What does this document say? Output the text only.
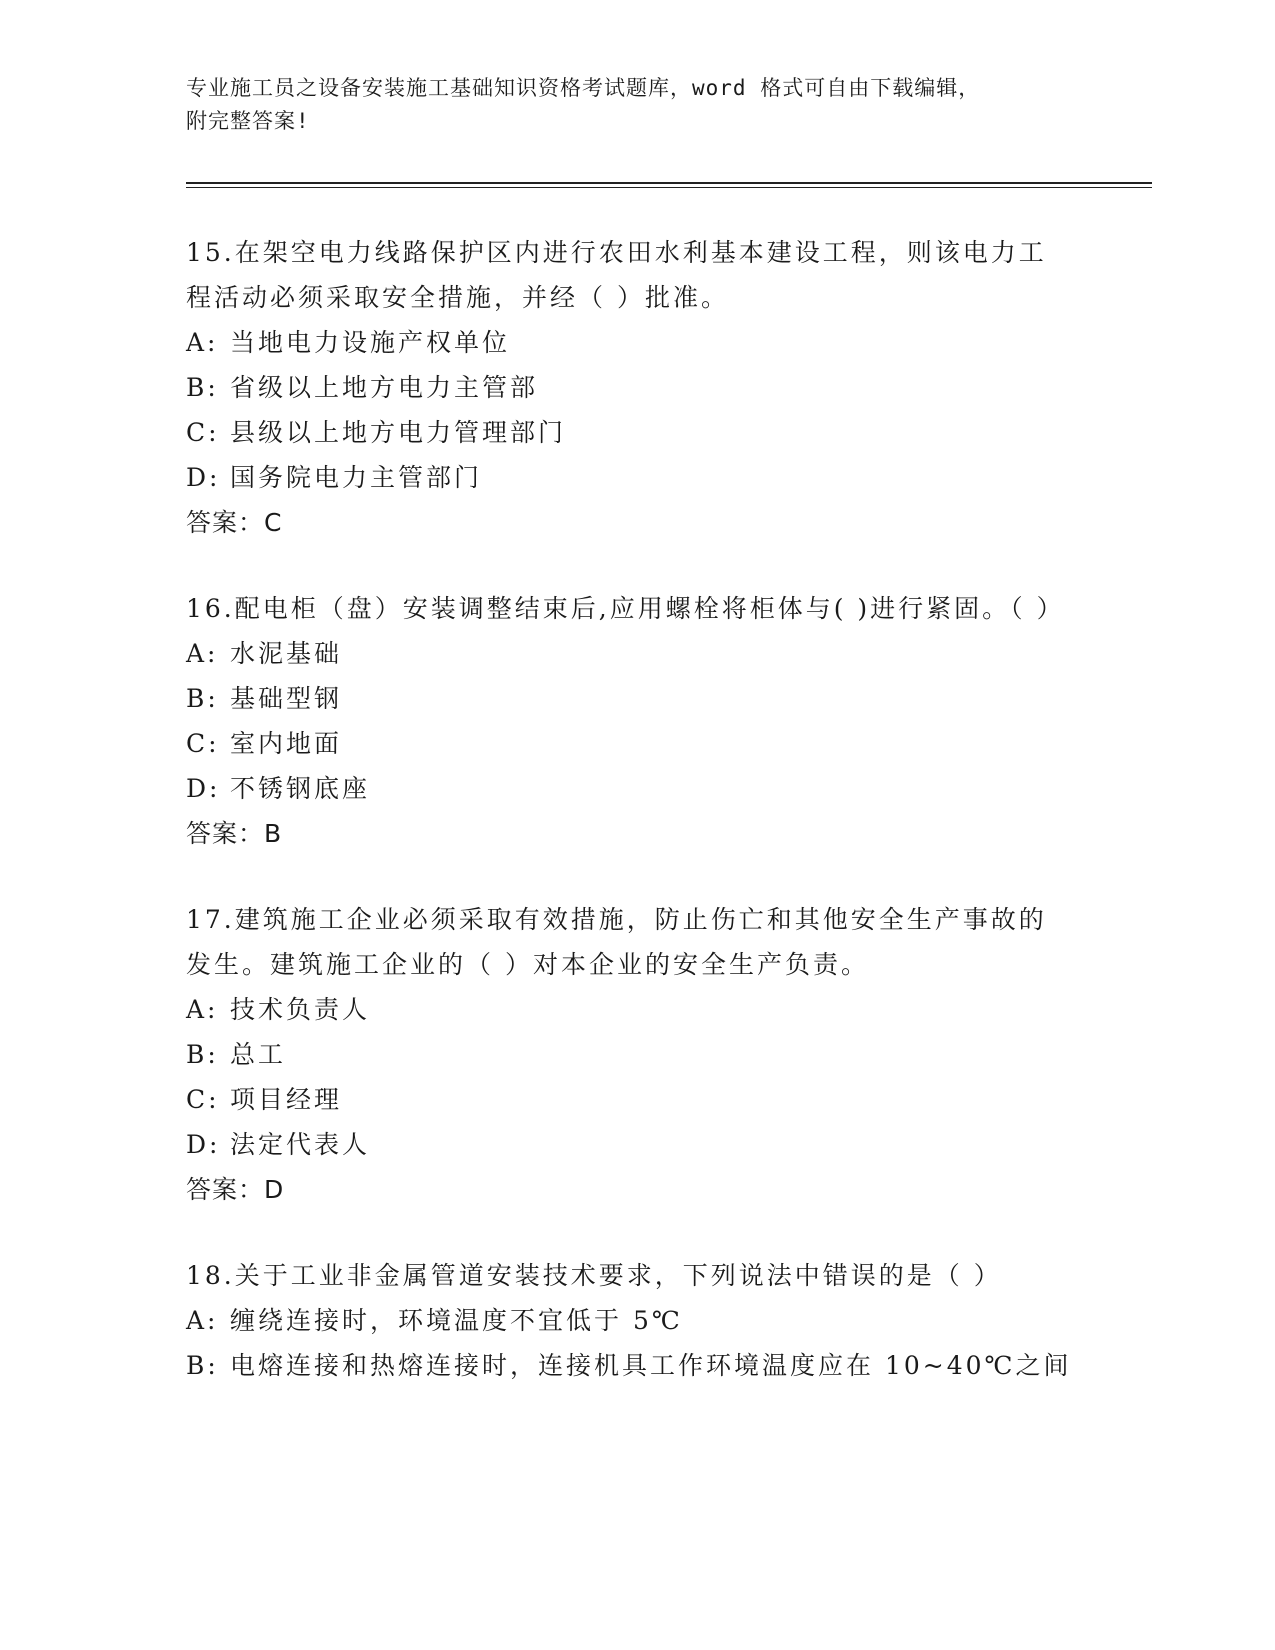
专业施工员之设备安装施工基础知识资格考试题库，word 格式可自由下载编辑，
附完整答案!
15.在架空电力线路保护区内进行农田水利基本建设工程，则该电力工程活动必须采取安全措施，并经（ ）批准。
A: 当地电力设施产权单位
B: 省级以上地方电力主管部
C: 县级以上地方电力管理部门
D: 国务院电力主管部门
答案：C
16.配电柜（盘）安装调整结束后,应用螺栓将柜体与( )进行紧固。（ ）
A: 水泥基础
B: 基础型钢
C: 室内地面
D: 不锈钢底座
答案：B
17.建筑施工企业必须采取有效措施，防止伤亡和其他安全生产事故的发生。建筑施工企业的（ ）对本企业的安全生产负责。
A: 技术负责人
B: 总工
C: 项目经理
D: 法定代表人
答案：D
18.关于工业非金属管道安装技术要求，下列说法中错误的是（ ）
A: 缠绕连接时，环境温度不宜低于 5℃
B: 电熔连接和热熔连接时，连接机具工作环境温度应在 10~40℃之间
